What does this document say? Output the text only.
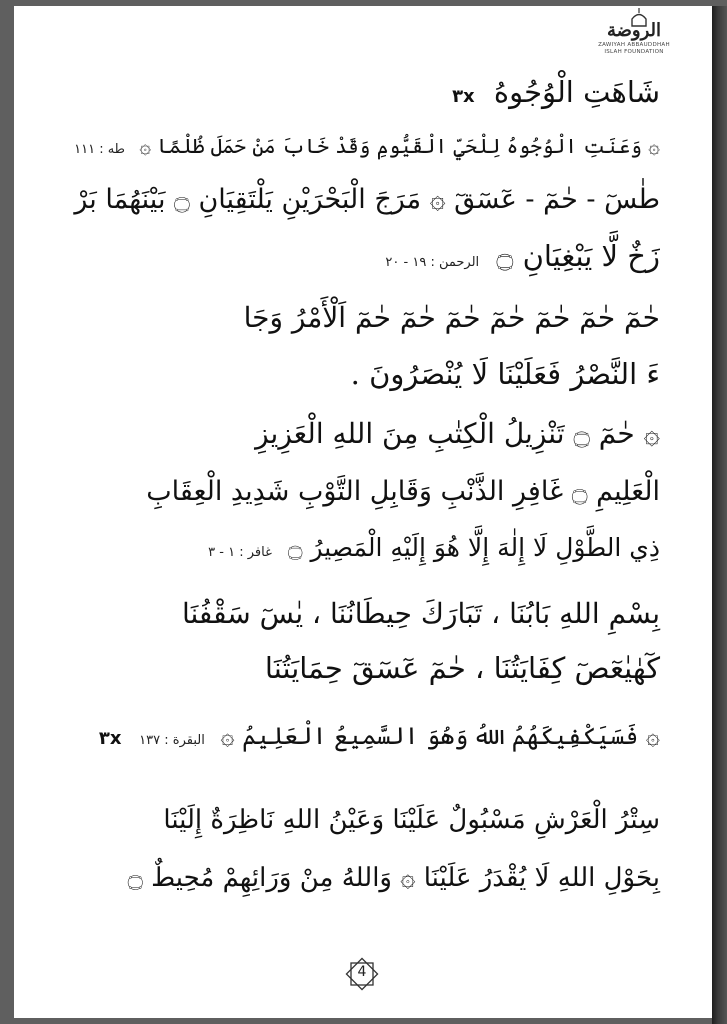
الروضة
ZAWIYAH ABBAUDDHAH
ISLAH FOUNDATION
شَاهَتِ الْوُجُوهُ ٣x
۞ وَعَنَتِ الْوُجُوهُ لِلْحَيِّ الْقَيُّومِ وَقَدْ خَابَ مَنْ حَمَلَ ظُلْمًا ۞ طه : ١١١
طٰسٓ - حٰمٓ - عٓسٓقٓ ۞ مَرَجَ الْبَحْرَيْنِ يَلْتَقِيَانِ ۝ بَيْنَهُمَا بَرْ
زَخٌ لَّا يَبْغِيَانِ ۝ الرحمن : ١٩ - ٢٠
حٰمٓ حٰمٓ حٰمٓ حٰمٓ حٰمٓ حٰمٓ حٰمٓ اَلْأَمْرُ وَجَا
ءَ النَّصْرُ فَعَلَيْنَا لَا يُنْصَرُونَ .
۞ حٰمٓ ۝ تَنْزِيلُ الْكِتٰبِ مِنَ اللهِ الْعَزِيزِ
الْعَلِيمِ ۝ غَافِرِ الذَّنْبِ وَقَابِلِ التَّوْبِ شَدِيدِ الْعِقَابِ
ذِي الطَّوْلِ لَا إِلٰهَ إِلَّا هُوَ إِلَيْهِ الْمَصِيرُ ۝ غافر : ١ - ٣
بِسْمِ اللهِ بَابُنَا ، تَبَارَكَ حِيطَانُنَا ، يٰسٓ سَقْفُنَا
كٓهٰيٰعٓصٓ كِفَايَتُنَا ، حٰمٓ عٓسٓقٓ حِمَايَتُنَا
۞ فَسَيَكْفِيكَهُمُ اللهُ وَهُوَ السَّمِيعُ الْعَلِيمُ ۞ البقرة : ١٣٧ ٣x
سِتْرُ الْعَرْشِ مَسْبُولٌ عَلَيْنَا وَعَيْنُ اللهِ نَاظِرَةٌ إِلَيْنَا
بِحَوْلِ اللهِ لَا يُقْدَرُ عَلَيْنَا ۞ وَاللهُ مِنْ وَرَائِهِمْ مُحِيطٌ ۝
4
